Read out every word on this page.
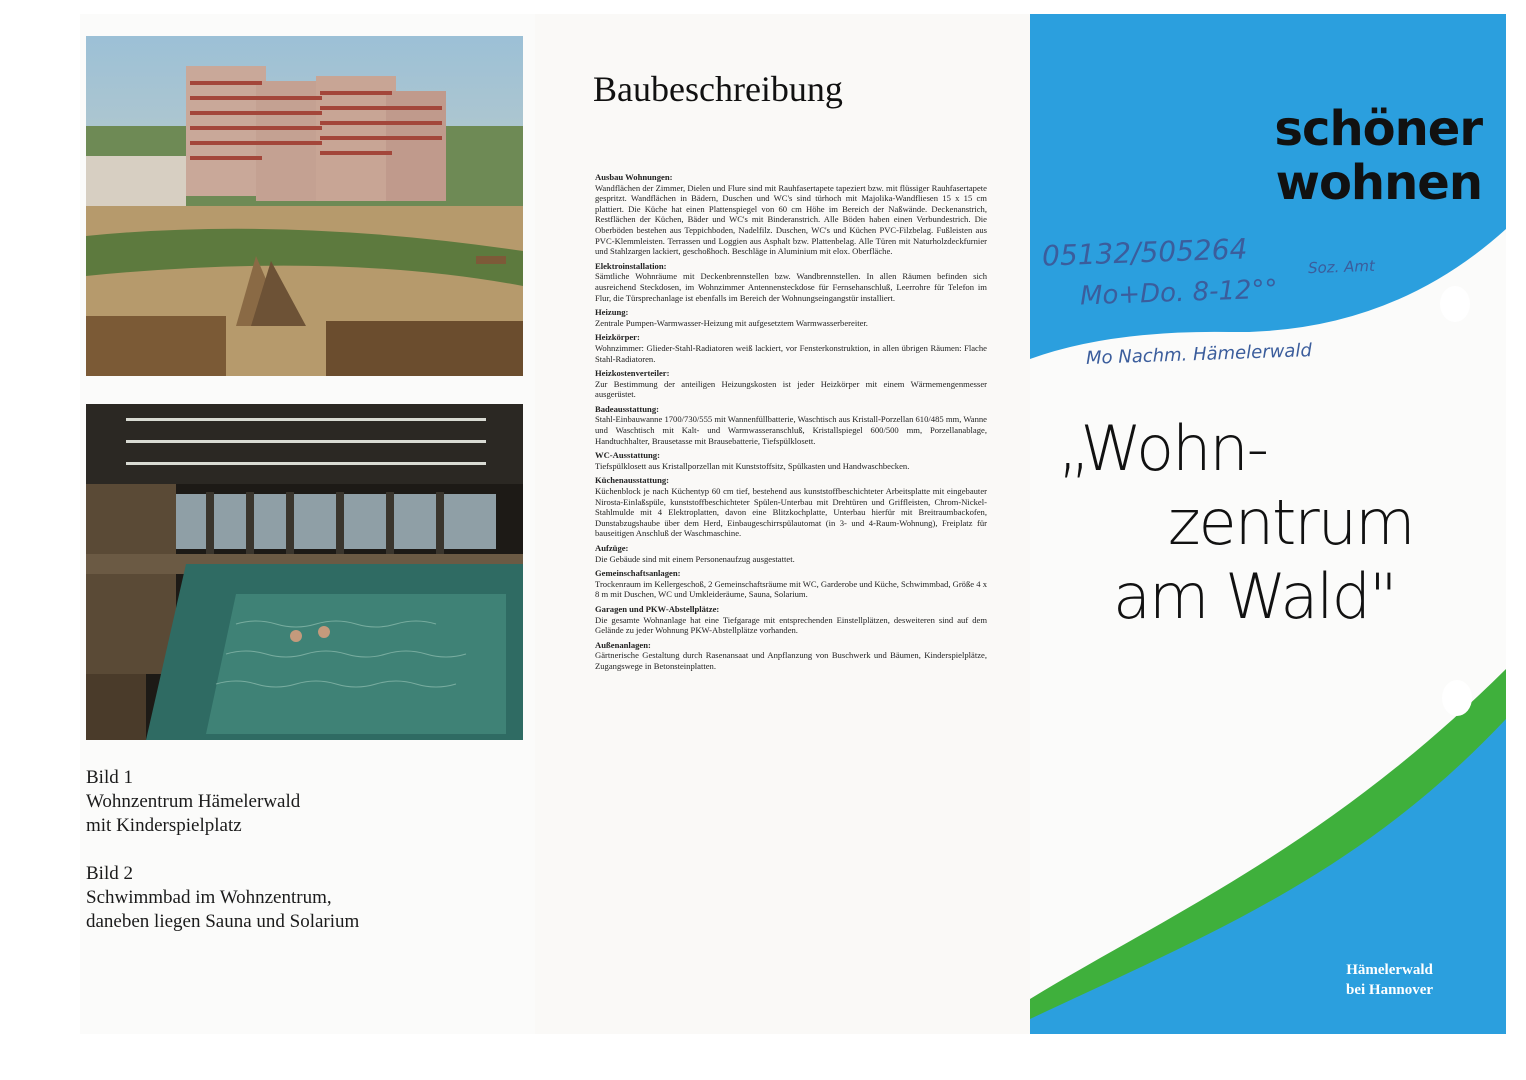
Bild 1
Wohnzentrum Hämelerwald
mit Kinderspielplatz
Bild 2
Schwimmbad im Wohnzentrum,
daneben liegen Sauna und Solarium
Baubeschreibung
Ausbau Wohnungen:
Wandflächen der Zimmer, Dielen und Flure sind mit Rauhfasertapete tapeziert bzw. mit flüssiger Rauhfasertapete gespritzt. Wandflächen in Bädern, Duschen und WC's sind türhoch mit Majolika-Wandfliesen 15 x 15 cm plattiert. Die Küche hat einen Plattenspiegel von 60 cm Höhe im Bereich der Naßwände. Deckenanstrich, Restflächen der Küchen, Bäder und WC's mit Binderanstrich. Alle Böden haben einen Verbundestrich. Die Oberböden bestehen aus Teppichboden, Nadelfilz. Duschen, WC's und Küchen PVC-Filzbelag. Fußleisten aus PVC-Klemmleisten. Terrassen und Loggien aus Asphalt bzw. Plattenbelag. Alle Türen mit Naturholzdeckfurnier und Stahlzargen lackiert, geschoßhoch. Beschläge in Aluminium mit elox. Oberfläche.
Elektroinstallation:
Sämtliche Wohnräume mit Deckenbrennstellen bzw. Wandbrennstellen. In allen Räumen befinden sich ausreichend Steckdosen, im Wohnzimmer Antennensteckdose für Fernsehanschluß, Leerrohre für Telefon im Flur, die Türsprechanlage ist ebenfalls im Bereich der Wohnungseingangstür installiert.
Heizung:
Zentrale Pumpen-Warmwasser-Heizung mit aufgesetztem Warmwasserbereiter.
Heizkörper:
Wohnzimmer: Glieder-Stahl-Radiatoren weiß lackiert, vor Fensterkonstruktion, in allen übrigen Räumen: Flache Stahl-Radiatoren.
Heizkostenverteiler:
Zur Bestimmung der anteiligen Heizungskosten ist jeder Heizkörper mit einem Wärmemengenmesser ausgerüstet.
Badeausstattung:
Stahl-Einbauwanne 1700/730/555 mit Wannenfüllbatterie, Waschtisch aus Kristall-Porzellan 610/485 mm, Wanne und Waschtisch mit Kalt- und Warmwasseranschluß, Kristallspiegel 600/500 mm, Porzellanablage, Handtuchhalter, Brausetasse mit Brausebatterie, Tiefspülklosett.
WC-Ausstattung:
Tiefspülklosett aus Kristallporzellan mit Kunststoffsitz, Spülkasten und Handwaschbecken.
Küchenausstattung:
Küchenblock je nach Küchentyp 60 cm tief, bestehend aus kunststoffbeschichteter Arbeitsplatte mit eingebauter Nirosta-Einlaßspüle, kunststoffbeschichteter Spülen-Unterbau mit Drehtüren und Griffleisten, Chrom-Nickel-Stahlmulde mit 4 Elektroplatten, davon eine Blitzkochplatte, Unterbau hierfür mit Breitraumbackofen, Dunstabzugshaube über dem Herd, Einbaugeschirrspülautomat (in 3- und 4-Raum-Wohnung), Freiplatz für bauseitigen Anschluß der Waschmaschine.
Aufzüge:
Die Gebäude sind mit einem Personenaufzug ausgestattet.
Gemeinschaftsanlagen:
Trockenraum im Kellergeschoß, 2 Gemeinschaftsräume mit WC, Garderobe und Küche, Schwimmbad, Größe 4 x 8 m mit Duschen, WC und Umkleideräume, Sauna, Solarium.
Garagen und PKW-Abstellplätze:
Die gesamte Wohnanlage hat eine Tiefgarage mit entsprechenden Einstellplätzen, desweiteren sind auf dem Gelände zu jeder Wohnung PKW-Abstellplätze vorhanden.
Außenanlagen:
Gärtnerische Gestaltung durch Rasenansaat und Anpflanzung von Buschwerk und Bäumen, Kinderspielplätze, Zugangswege in Betonsteinplatten.
schöner
wohnen
05132/505264	Soz. Amt
Mo+Do. 8-12°°
Mo Nachm. Hämelerwald
„Wohn-
zentrum
am Wald"
Hämelerwald
bei Hannover
